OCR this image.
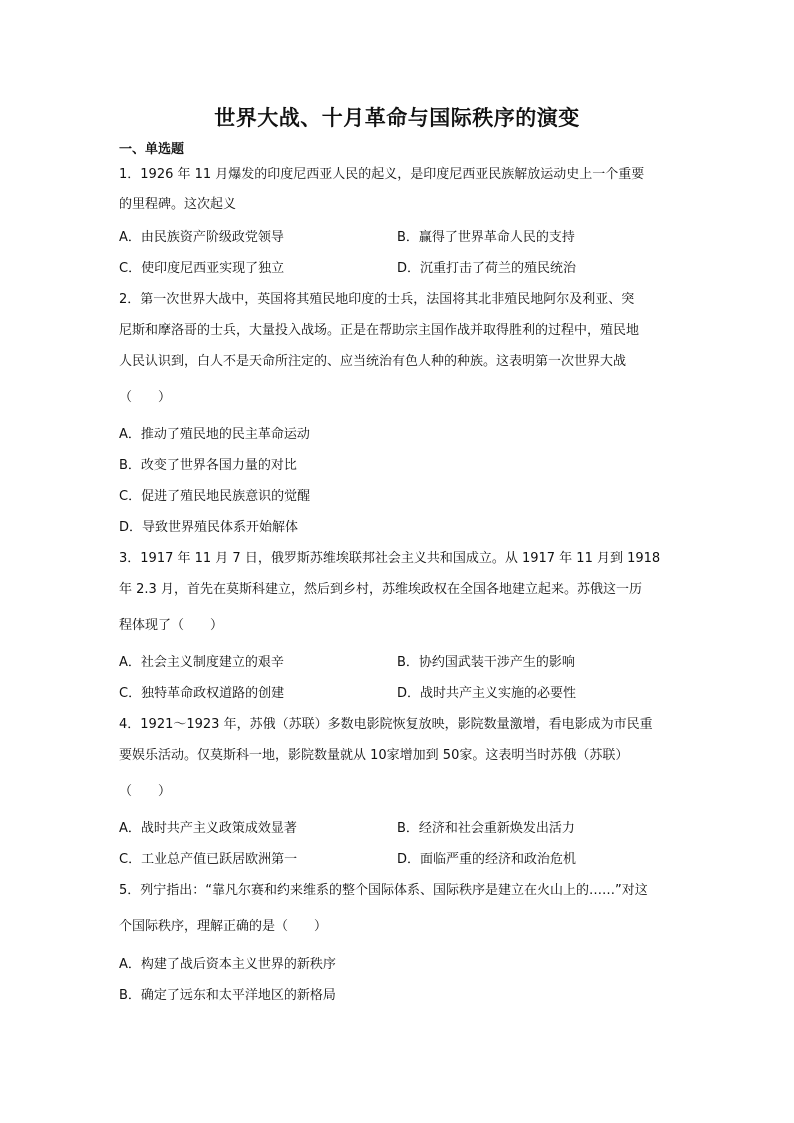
世界大战、十月革命与国际秩序的演变
一、单选题
1．1926 年 11 月爆发的印度尼西亚人民的起义，是印度尼西亚民族解放运动史上一个重要
的里程碑。这次起义
A．由民族资产阶级政党领导	B．赢得了世界革命人民的支持
C．使印度尼西亚实现了独立	D．沉重打击了荷兰的殖民统治
2．第一次世界大战中，英国将其殖民地印度的士兵，法国将其北非殖民地阿尔及利亚、突
尼斯和摩洛哥的士兵，大量投入战场。正是在帮助宗主国作战并取得胜利的过程中，殖民地
人民认识到，白人不是天命所注定的、应当统治有色人种的种族。这表明第一次世界大战
（　　）
A．推动了殖民地的民主革命运动
B．改变了世界各国力量的对比
C．促进了殖民地民族意识的觉醒
D．导致世界殖民体系开始解体
3．1917 年 11 月 7 日，俄罗斯苏维埃联邦社会主义共和国成立。从 1917 年 11 月到 1918
年 2.3 月，首先在莫斯科建立，然后到乡村，苏维埃政权在全国各地建立起来。苏俄这一历
程体现了（　　）
A．社会主义制度建立的艰辛	B．协约国武装干涉产生的影响
C．独特革命政权道路的创建	D．战时共产主义实施的必要性
4．1921～1923 年，苏俄（苏联）多数电影院恢复放映，影院数量激增，看电影成为市民重
要娱乐活动。仅莫斯科一地，影院数量就从 10家增加到 50家。这表明当时苏俄（苏联）
（　　）
A．战时共产主义政策成效显著	B．经济和社会重新焕发出活力
C．工业总产值已跃居欧洲第一	D．面临严重的经济和政治危机
5．列宁指出：“靠凡尔赛和约来维系的整个国际体系、国际秩序是建立在火山上的……”对这
个国际秩序，理解正确的是（　　）
A．构建了战后资本主义世界的新秩序
B．确定了远东和太平洋地区的新格局
